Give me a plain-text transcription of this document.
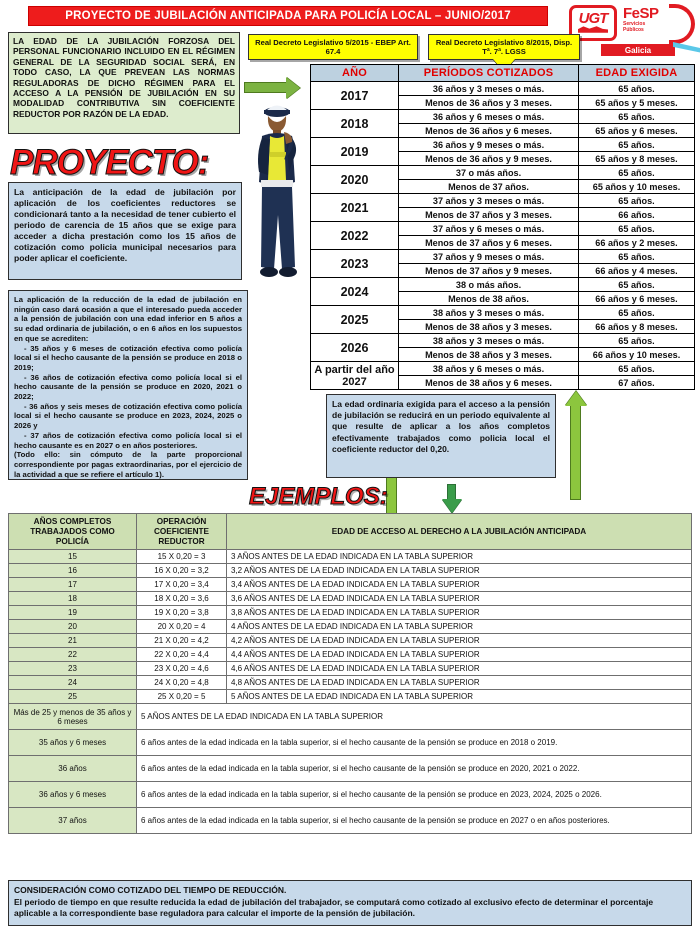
PROYECTO DE JUBILACIÓN ANTICIPADA PARA POLICÍA LOCAL – JUNIO/2017	UGT FeSP
Servicios
Públicos
Galicia

LA EDAD DE LA JUBILACIÓN FORZOSA DEL PERSONAL FUNCIONARIO INCLUIDO EN EL RÉGIMEN GENERAL DE LA SEGURIDAD SOCIAL SERÁ, EN TODO CASO, LA QUE PREVEAN LAS NORMAS REGULADORAS DE DICHO RÉGIMEN PARA EL ACCESO A LA PENSIÓN DE JUBILACIÓN EN SU MODALIDAD CONTRIBUTIVA SIN COEFICIENTE REDUCTOR POR RAZÓN DE LA EDAD.

Real Decreto Legislativo 5/2015 - EBEP Art. 67.4
Real Decreto Legislativo 8/2015, Disp. Tª. 7ª. LGSS
PROYECTO:

La anticipación de la edad de jubilación por aplicación de los coeficientes reductores se condicionará tanto a la necesidad de tener cubierto el periodo de carencia de 15 años que se exige para acceder a dicha prestación como los 15 años de cotización como policia municipal necesarios para poder aplicar el coeficiente.

La aplicación de la reducción de la edad de jubilación en ningún caso dará ocasión a que el interesado pueda acceder a la pensión de jubilación con una edad inferior en 5 años a su edad ordinaria de jubilación, o en 6 años en los supuestos en que se acrediten:

- 35 años y 6 meses de cotización efectiva como policía local si el hecho causante de la pensión se produce en 2018 o 2019;

- 36 años de cotización efectiva como policía local si el hecho causante de la pensión se produce en 2020, 2021 o 2022;

- 36 años y seis meses de cotización efectiva como policía local si el hecho causante se produce en 2023, 2024, 2025 o 2026 y

- 37 años de cotización efectiva como policía local si el hecho causante es en 2027 o en años posteriores.

(Todo ello: sin cómputo de la parte proporcional correspondiente por pagas extraordinarias, por el ejercicio de la actividad a que se refiere el artículo 1).

La edad ordinaria exigida para el acceso a la pensión de jubilación se reducirá en un periodo equivalente al que resulte de aplicar a los años completos efectivamente trabajados como policia local el coeficiente reductor del 0,20.

AÑO	PERÍODOS COTIZADOS	EDAD EXIGIDA
2017	36 años y 3 meses o más.	65 años.
	Menos de 36 años y 3 meses.	65 años y 5 meses.
2018	36 años y 6 meses o más.	65 años.
	Menos de 36 años y 6 meses.	65 años y 6 meses.
2019	36 años y 9 meses o más.	65 años.
	Menos de 36 años y 9 meses.	65 años y 8 meses.
2020	37 o más años.	65 años.
	Menos de 37 años.	65 años y 10 meses.
2021	37 años y 3 meses o más.	65 años.
	Menos de 37 años y 3 meses.	66 años.
2022	37 años y 6 meses o más.	65 años.
	Menos de 37 años y 6 meses.	66 años y 2 meses.
2023	37 años y 9 meses o más.	65 años.
	Menos de 37 años y 9 meses.	66 años y 4 meses.
2024	38 o más años.	65 años.
	Menos de 38 años.	66 años y 6 meses.
2025	38 años y 3 meses o más.	65 años.
	Menos de 38 años y 3 meses.	66 años y 8 meses.
2026	38 años y 3 meses o más.	65 años.
	Menos de 38 años y 3 meses.	66 años y 10 meses.
A partir del año 2027	38 años y 6 meses o más.	65 años.
	Menos de 38 años y 6 meses.	67 años.
EJEMPLOS:
AÑOS COMPLETOS TRABAJADOS COMO POLICÍA	OPERACIÓN COEFICIENTE REDUCTOR	EDAD DE ACCESO AL DERECHO A LA JUBILACIÓN ANTICIPADA
15	15 X 0,20 = 3	3 AÑOS ANTES DE LA EDAD INDICADA EN LA TABLA SUPERIOR
16	16 X 0,20 = 3,2	3,2 AÑOS ANTES DE LA EDAD INDICADA EN LA TABLA SUPERIOR
17	17 X 0,20 = 3,4	3,4 AÑOS ANTES DE LA EDAD INDICADA EN LA TABLA SUPERIOR
18	18 X 0,20 = 3,6	3,6 AÑOS ANTES DE LA EDAD INDICADA EN LA TABLA SUPERIOR
19	19 X 0,20 = 3,8	3,8 AÑOS ANTES DE LA EDAD INDICADA EN LA TABLA SUPERIOR
20	20 X 0,20 = 4	4 AÑOS ANTES DE LA EDAD INDICADA EN LA TABLA SUPERIOR
21	21 X 0,20 = 4,2	4,2 AÑOS ANTES DE LA EDAD INDICADA EN LA TABLA SUPERIOR
22	22 X 0,20 = 4,4	4,4 AÑOS ANTES DE LA EDAD INDICADA EN LA TABLA SUPERIOR
23	23 X 0,20 = 4,6	4,6 AÑOS ANTES DE LA EDAD INDICADA EN LA TABLA SUPERIOR
24	24 X 0,20 = 4,8	4,8 AÑOS ANTES DE LA EDAD INDICADA EN LA TABLA SUPERIOR
25	25 X 0,20 = 5	5 AÑOS ANTES DE LA EDAD INDICADA EN LA TABLA SUPERIOR
Más de 25 y menos de 35 años y 6 meses	5 AÑOS ANTES DE LA EDAD INDICADA EN LA TABLA SUPERIOR	
35 años y 6 meses	6 años antes de la edad indicada en la tabla superior, si el hecho causante de la pensión se produce en 2018 o 2019.	
36 años	6 años antes de la edad indicada en la tabla superior, si el hecho causante de la pensión se produce en 2020, 2021 o 2022.	
36 años y 6 meses	6 años antes de la edad indicada en la tabla superior, si el hecho causante de la pensión se produce en 2023, 2024, 2025 o 2026.	
37 años	6 años antes de la edad indicada en la tabla superior, si el hecho causante de la pensión se produce en 2027 o en años posteriores.	

CONSIDERACIÓN COMO COTIZADO DEL TIEMPO DE REDUCCIÓN.

El periodo de tiempo en que resulte reducida la edad de jubilación del trabajador, se computará como cotizado al exclusivo efecto de determinar el porcentaje aplicable a la correspondiente base reguladora para calcular el importe de la pensión de jubilación.
